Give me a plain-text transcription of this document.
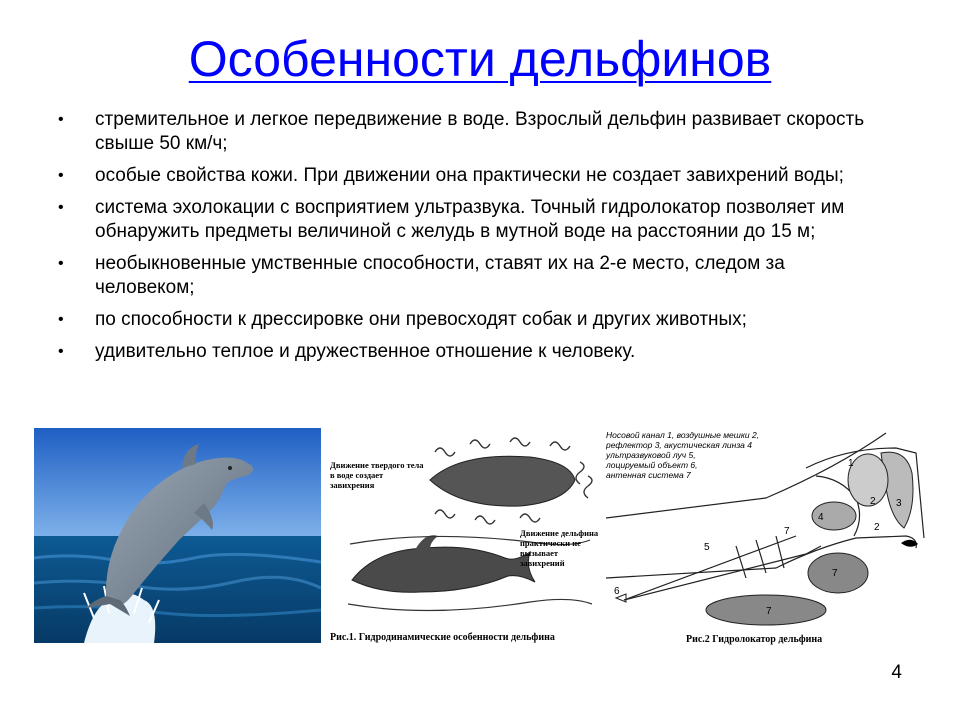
Особенности дельфинов
• стремительное и легкое передвижение в воде. Взрослый дельфин развивает скорость свыше 50 км/ч;
• особые свойства кожи. При движении она практически не создает завихрений воды;
• система эхолокации с восприятием ультразвука. Точный гидролокатор позволяет им обнаружить предметы величиной с желудь в мутной воде на расстоянии до 15 м;
• необыкновенные умственные способности, ставят их на 2-е место, следом за человеком;
• по способности к дрессировке они превосходят собак и других животных;
• удивительно теплое и дружественное отношение к человеку.
Движение твердого тела в воде создает завихрения
Движение дельфина практически не вызывает завихрений
Рис.1. Гидродинамические особенности дельфина
1
2 3
4
2
7
5
7
6
7
Носовой канал 1, воздушные мешки 2,
рефлектор 3, акустическая линза 4
ультразвуковой луч 5,
лоцируемый объект 6,
антенная система 7
Рис.2 Гидролокатор дельфина
4
